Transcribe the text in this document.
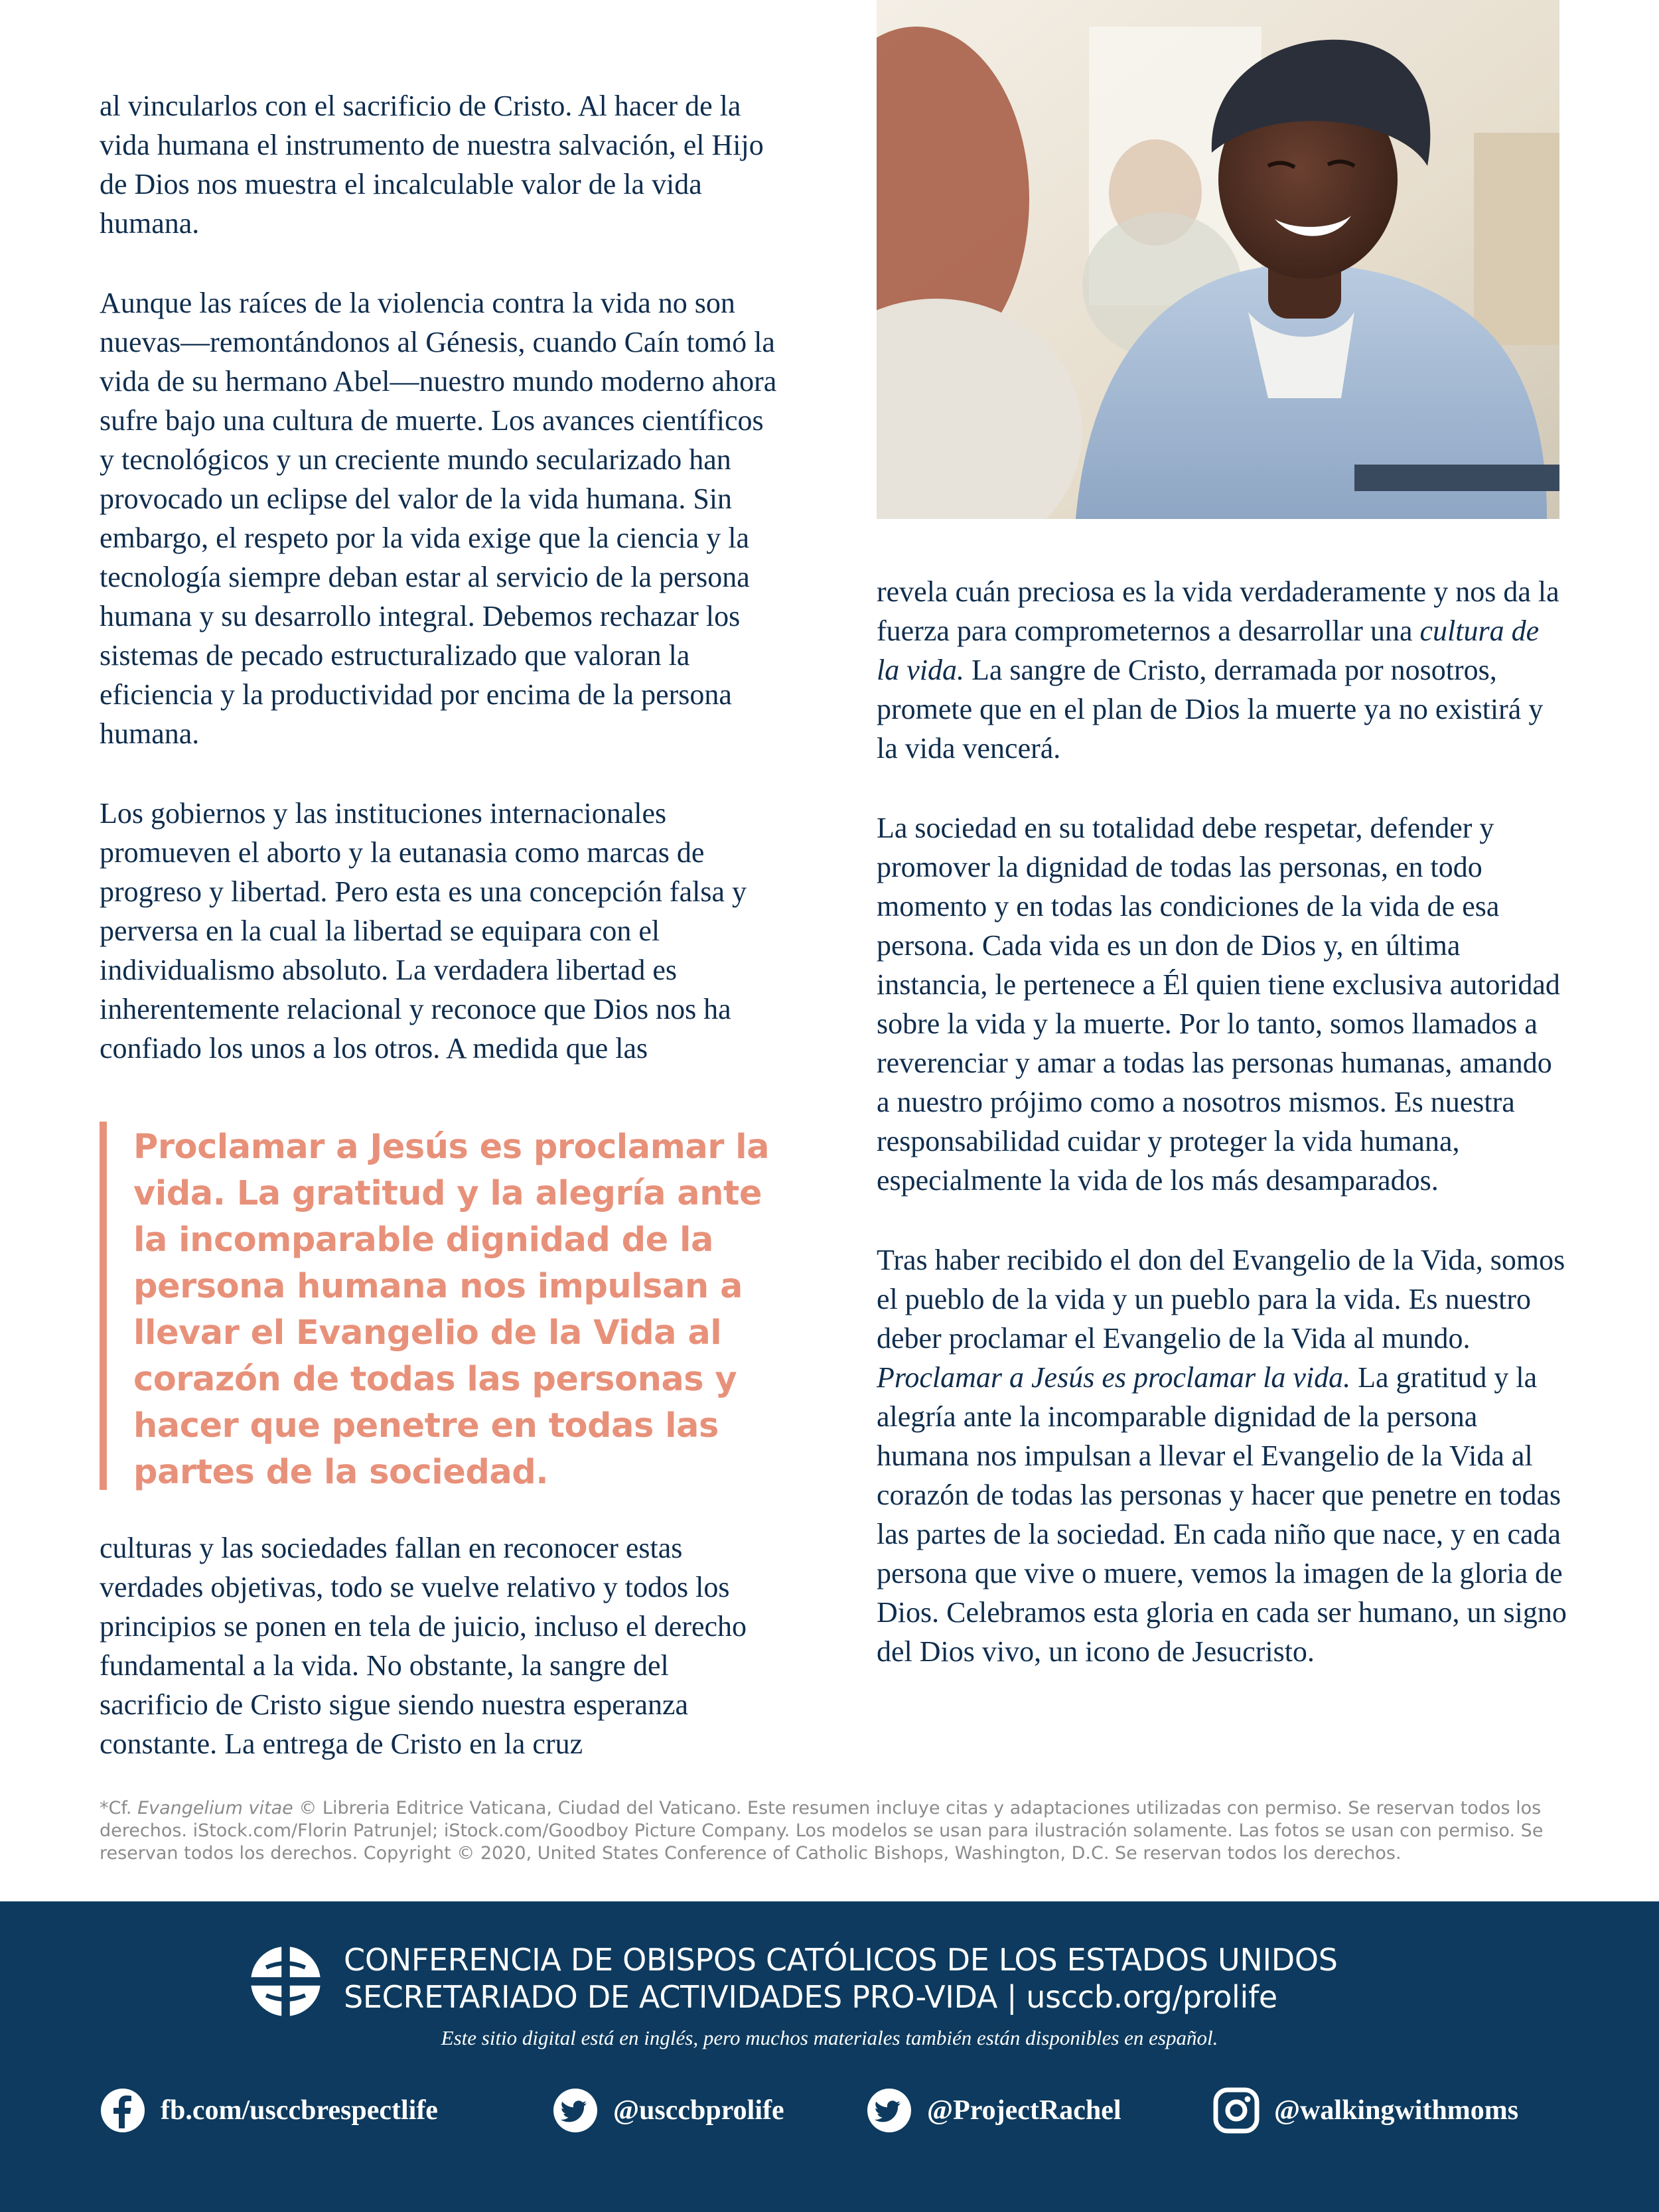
al vincularlos con el sacrificio de Cristo. Al hacer de la vida humana el instrumento de nuestra salvación, el Hijo de Dios nos muestra el incalculable valor de la vida humana.

Aunque las raíces de la violencia contra la vida no son nuevas—remontándonos al Génesis, cuando Caín tomó la vida de su hermano Abel—nuestro mundo moderno ahora sufre bajo una cultura de muerte. Los avances científicos y tecnológicos y un creciente mundo secularizado han provocado un eclipse del valor de la vida humana. Sin embargo, el respeto por la vida exige que la ciencia y la tecnología siempre deban estar al servicio de la persona humana y su desarrollo integral. Debemos rechazar los sistemas de pecado estructuralizado que valoran la eficiencia y la productividad por encima de la persona humana.

Los gobiernos y las instituciones internacionales promueven el aborto y la eutanasia como marcas de progreso y libertad. Pero esta es una concepción falsa y perversa en la cual la libertad se equipara con el individualismo absoluto. La verdadera libertad es inherentemente relacional y reconoce que Dios nos ha confiado los unos a los otros. A medida que las

Proclamar a Jesús es proclamar la vida. La gratitud y la alegría ante la incomparable dignidad de la persona humana nos impulsan a llevar el Evangelio de la Vida al corazón de todas las personas y hacer que penetre en todas las partes de la sociedad.

culturas y las sociedades fallan en reconocer estas verdades objetivas, todo se vuelve relativo y todos los principios se ponen en tela de juicio, incluso el derecho fundamental a la vida. No obstante, la sangre del sacrificio de Cristo sigue siendo nuestra esperanza constante. La entrega de Cristo en la cruz

revela cuán preciosa es la vida verdaderamente y nos da la fuerza para comprometernos a desarrollar una cultura de la vida. La sangre de Cristo, derramada por nosotros, promete que en el plan de Dios la muerte ya no existirá y la vida vencerá.

La sociedad en su totalidad debe respetar, defender y promover la dignidad de todas las personas, en todo momento y en todas las condiciones de la vida de esa persona. Cada vida es un don de Dios y, en última instancia, le pertenece a Él quien tiene exclusiva autoridad sobre la vida y la muerte. Por lo tanto, somos llamados a reverenciar y amar a todas las personas humanas, amando a nuestro prójimo como a nosotros mismos. Es nuestra responsabilidad cuidar y proteger la vida humana, especialmente la vida de los más desamparados.

Tras haber recibido el don del Evangelio de la Vida, somos el pueblo de la vida y un pueblo para la vida. Es nuestro deber proclamar el Evangelio de la Vida al mundo. Proclamar a Jesús es proclamar la vida. La gratitud y la alegría ante la incomparable dignidad de la persona humana nos impulsan a llevar el Evangelio de la Vida al corazón de todas las personas y hacer que penetre en todas las partes de la sociedad. En cada niño que nace, y en cada persona que vive o muere, vemos la imagen de la gloria de Dios. Celebramos esta gloria en cada ser humano, un signo del Dios vivo, un icono de Jesucristo.

*Cf. Evangelium vitae © Libreria Editrice Vaticana, Ciudad del Vaticano. Este resumen incluye citas y adaptaciones utilizadas con permiso. Se reservan todos los derechos. iStock.com/Florin Patrunjel; iStock.com/Goodboy Picture Company. Los modelos se usan para ilustración solamente. Las fotos se usan con permiso. Se reservan todos los derechos. Copyright © 2020, United States Conference of Catholic Bishops, Washington, D.C. Se reservan todos los derechos.
CONFERENCIA DE OBISPOS CATÓLICOS DE LOS ESTADOS UNIDOS
SECRETARIADO DE ACTIVIDADES PRO-VIDA | usccb.org/prolife
Este sitio digital está en inglés, pero muchos materiales también están disponibles en español.
fb.com/usccbrespectlife	@usccbprolife	@ProjectRachel	@walkingwithmoms
